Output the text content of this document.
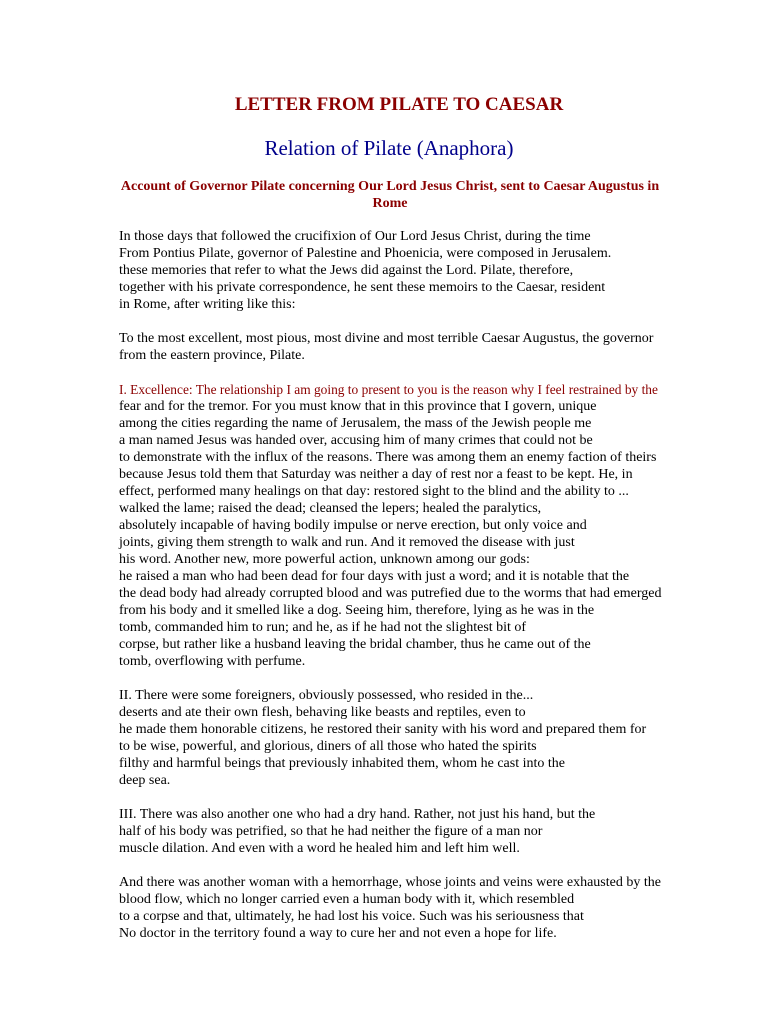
LETTER FROM PILATE TO CAESAR
Relation of Pilate (Anaphora)
Account of Governor Pilate concerning Our Lord Jesus Christ, sent to Caesar Augustus in Rome
In those days that followed the crucifixion of Our Lord Jesus Christ, during the time
From Pontius Pilate, governor of Palestine and Phoenicia, were composed in Jerusalem.
these memories that refer to what the Jews did against the Lord. Pilate, therefore,
together with his private correspondence, he sent these memoirs to the Caesar, resident
in Rome, after writing like this:
To the most excellent, most pious, most divine and most terrible Caesar Augustus, the governor
from the eastern province, Pilate.
I. Excellence: The relationship I am going to present to you is the reason why I feel restrained by the
fear and for the tremor. For you must know that in this province that I govern, unique
among the cities regarding the name of Jerusalem, the mass of the Jewish people me
a man named Jesus was handed over, accusing him of many crimes that could not be
to demonstrate with the influx of the reasons. There was among them an enemy faction of theirs
because Jesus told them that Saturday was neither a day of rest nor a feast to be kept. He, in
effect, performed many healings on that day: restored sight to the blind and the ability to ...
walked the lame; raised the dead; cleansed the lepers; healed the paralytics,
absolutely incapable of having bodily impulse or nerve erection, but only voice and
joints, giving them strength to walk and run. And it removed the disease with just
his word. Another new, more powerful action, unknown among our gods:
he raised a man who had been dead for four days with just a word; and it is notable that the
the dead body had already corrupted blood and was putrefied due to the worms that had emerged
from his body and it smelled like a dog. Seeing him, therefore, lying as he was in the
tomb, commanded him to run; and he, as if he had not the slightest bit of
corpse, but rather like a husband leaving the bridal chamber, thus he came out of the
tomb, overflowing with perfume.
II. There were some foreigners, obviously possessed, who resided in the...
deserts and ate their own flesh, behaving like beasts and reptiles, even to
he made them honorable citizens, he restored their sanity with his word and prepared them for
to be wise, powerful, and glorious, diners of all those who hated the spirits
filthy and harmful beings that previously inhabited them, whom he cast into the
deep sea.
III. There was also another one who had a dry hand. Rather, not just his hand, but the
half of his body was petrified, so that he had neither the figure of a man nor
muscle dilation. And even with a word he healed him and left him well.
And there was another woman with a hemorrhage, whose joints and veins were exhausted by the
blood flow, which no longer carried even a human body with it, which resembled
to a corpse and that, ultimately, he had lost his voice. Such was his seriousness that
No doctor in the territory found a way to cure her and not even a hope for life.
